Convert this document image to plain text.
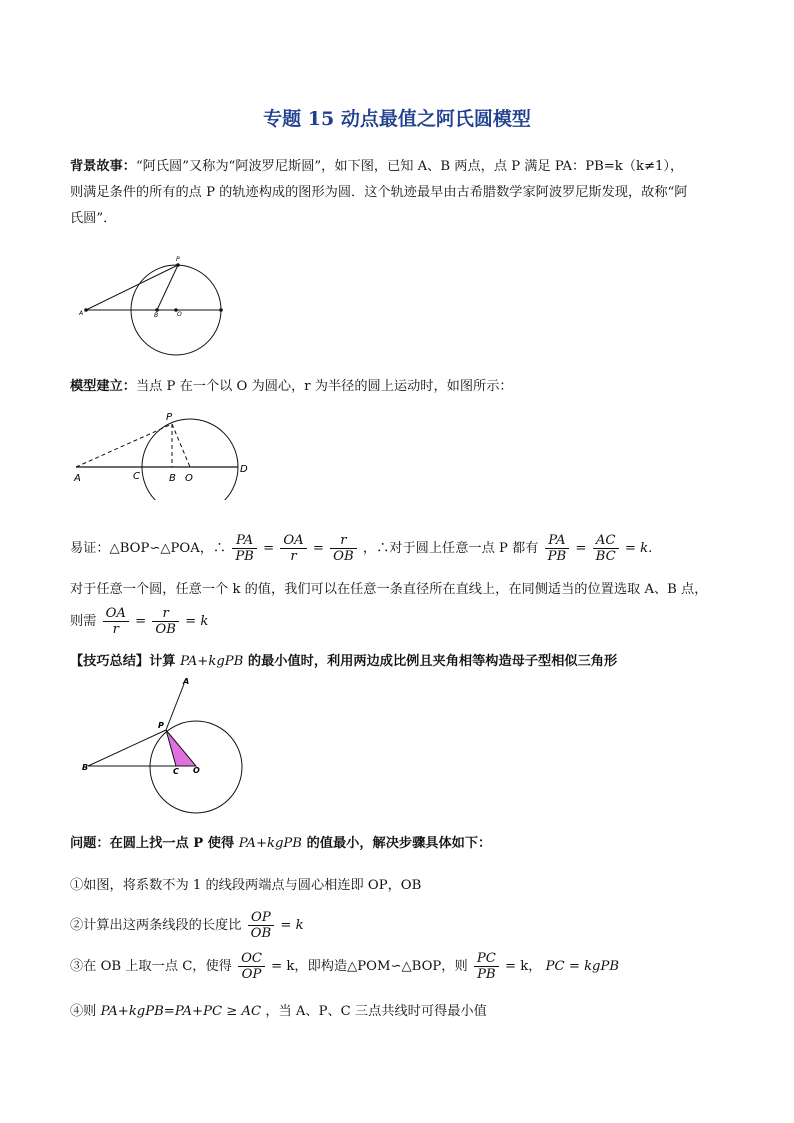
专题 15 动点最值之阿氏圆模型
背景故事：“阿氏圆”又称为“阿波罗尼斯圆”，如下图，已知 A、B 两点，点 P 满足 PA：PB=k（k≠1），
则满足条件的所有的点 P 的轨迹构成的图形为圆．这个轨迹最早由古希腊数学家阿波罗尼斯发现，故称“阿
氏圆”．
A	B	O
P
模型建立：当点 P 在一个以 O 为圆心，r 为半径的圆上运动时，如图所示：
P
A	C	B O
D
易证：△BOP∽△POA，∴ $\frac{PA}{PB} = \frac{OA}{r} = \frac{r}{OB}$ ，∴对于圆上任意一点 P 都有 $\frac{PA}{PB} = \frac{AC}{BC} = k$.
对于任意一个圆，任意一个 k 的值，我们可以在任意一条直径所在直线上，在同侧适当的位置选取 A、B 点，
则需 $\frac{OA}{r} = \frac{r}{OB} = k$
【技巧总结】计算 PA+kgPB 的最小值时，利用两边成比例且夹角相等构造母子型相似三角形
A
P
B	C O
问题：在圆上找一点 P 使得 PA+kgPB 的值最小，解决步骤具体如下：
①如图，将系数不为 1 的线段两端点与圆心相连即 OP，OB
②计算出这两条线段的长度比 $\frac{OP}{OB} = k$
③在 OB 上取一点 C，使得 $\frac{OC}{OP} = k$，即构造△POM∽△BOP，则 $\frac{PC}{PB} = k$， PC = kgPB
④则 PA+kgPB=PA+PC ≥ AC ，当 A、P、C 三点共线时可得最小值
